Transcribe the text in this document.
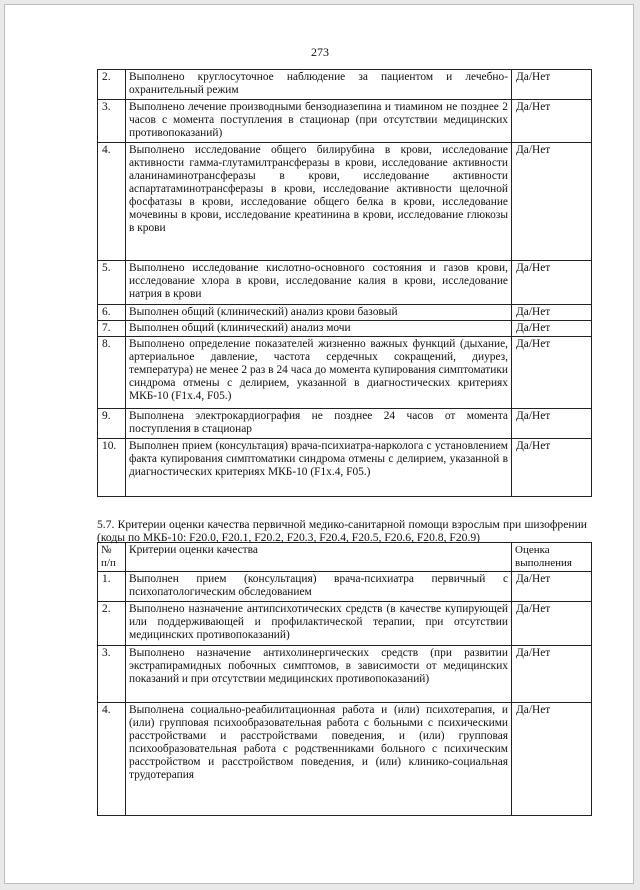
273
2.	Выполнено круглосуточное наблюдение за пациентом и лечебно-охранительный режим	Да/Нет
3.	Выполнено лечение производными бензодиазепина и тиамином не позднее 2 часов с момента поступления в стационар (при отсутствии медицинских противопоказаний)	Да/Нет
4.	Выполнено исследование общего билирубина в крови, исследование активности гамма-глутамилтрансферазы в крови, исследование активности аланинаминотрансферазы в крови, исследование активности аспартатаминотрансферазы в крови, исследование активности щелочной фосфатазы в крови, исследование общего белка в крови, исследование мочевины в крови, исследование креатинина в крови, исследование глюкозы в крови	Да/Нет
5.	Выполнено исследование кислотно-основного состояния и газов крови, исследование хлора в крови, исследование калия в крови, исследование натрия в крови	Да/Нет
6.	Выполнен общий (клинический) анализ крови базовый	Да/Нет
7.	Выполнен общий (клинический) анализ мочи	Да/Нет
8.	Выполнено определение показателей жизненно важных функций (дыхание, артериальное давление, частота сердечных сокращений, диурез, температура) не менее 2 раз в 24 часа до момента купирования симптоматики синдрома отмены с делирием, указанной в диагностических критериях МКБ-10 (F1x.4, F05.)	Да/Нет
9.	Выполнена электрокардиография не позднее 24 часов от момента поступления в стационар	Да/Нет
10.	Выполнен прием (консультация) врача-психиатра-нарколога с установлением факта купирования симптоматики синдрома отмены с делирием, указанной в диагностических критериях МКБ-10 (F1x.4, F05.)	Да/Нет
5.7. Критерии оценки качества первичной медико-санитарной помощи взрослым при шизофрении (коды по МКБ-10: F20.0, F20.1, F20.2, F20.3, F20.4, F20.5, F20.6, F20.8, F20.9)
№ п/п	Критерии оценки качества	Оценка выполнения
1.	Выполнен прием (консультация) врача-психиатра первичный с психопатологическим обследованием	Да/Нет
2.	Выполнено назначение антипсихотических средств (в качестве купирующей или поддерживающей и профилактической терапии, при отсутствии медицинских противопоказаний)	Да/Нет
3.	Выполнено назначение антихолинергических средств (при развитии экстрапирамидных побочных симптомов, в зависимости от медицинских показаний и при отсутствии медицинских противопоказаний)	Да/Нет
4.	Выполнена социально-реабилитационная работа и (или) психотерапия, и (или) групповая психообразовательная работа с больными с психическими расстройствами и расстройствами поведения, и (или) групповая психообразовательная работа с родственниками больного с психическим расстройством и расстройством поведения, и (или) клинико-социальная трудотерапия	Да/Нет
